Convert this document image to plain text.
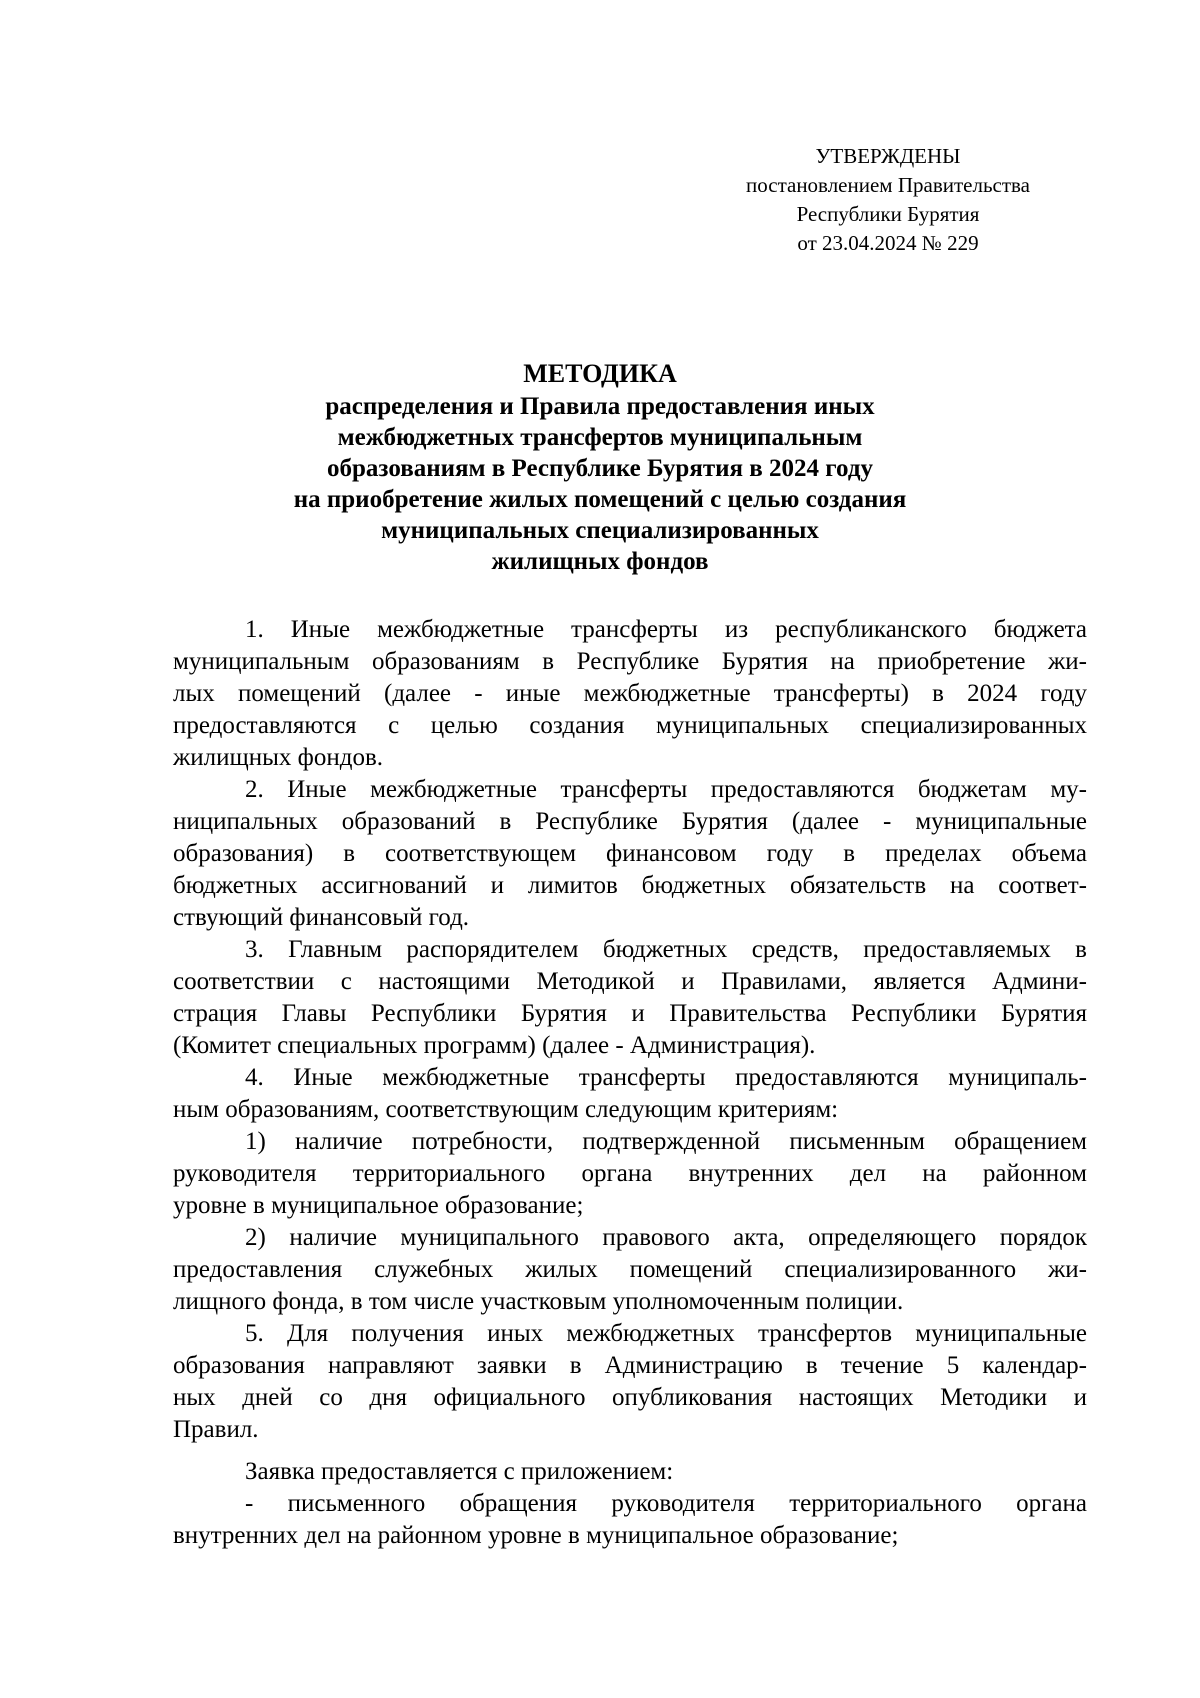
УТВЕРЖДЕНЫ
постановлением Правительства
Республики Бурятия
от 23.04.2024 № 229
МЕТОДИКА
распределения и Правила предоставления иных
межбюджетных трансфертов муниципальным
образованиям в Республике Бурятия в 2024 году
на приобретение жилых помещений с целью создания
муниципальных специализированных
жилищных фондов
1. Иные межбюджетные трансферты из республиканского бюджета
муниципальным образованиям в Республике Бурятия на приобретение жи-
лых помещений (далее - иные межбюджетные трансферты) в 2024 году
предоставляются с целью создания муниципальных специализированных
жилищных фондов.
2. Иные межбюджетные трансферты предоставляются бюджетам му-
ниципальных образований в Республике Бурятия (далее - муниципальные
образования) в соответствующем финансовом году в пределах объема
бюджетных ассигнований и лимитов бюджетных обязательств на соответ-
ствующий финансовый год.
3. Главным распорядителем бюджетных средств, предоставляемых в
соответствии с настоящими Методикой и Правилами, является Админи-
страция Главы Республики Бурятия и Правительства Республики Бурятия
(Комитет специальных программ) (далее - Администрация).
4. Иные межбюджетные трансферты предоставляются муниципаль-
ным образованиям, соответствующим следующим критериям:
1) наличие потребности, подтвержденной письменным обращением
руководителя территориального органа внутренних дел на районном
уровне в муниципальное образование;
2) наличие муниципального правового акта, определяющего порядок
предоставления служебных жилых помещений специализированного жи-
лищного фонда, в том числе участковым уполномоченным полиции.
5. Для получения иных межбюджетных трансфертов муниципальные
образования направляют заявки в Администрацию в течение 5 календар-
ных дней со дня официального опубликования настоящих Методики и
Правил.
Заявка предоставляется с приложением:
- письменного обращения руководителя территориального органа
внутренних дел на районном уровне в муниципальное образование;
